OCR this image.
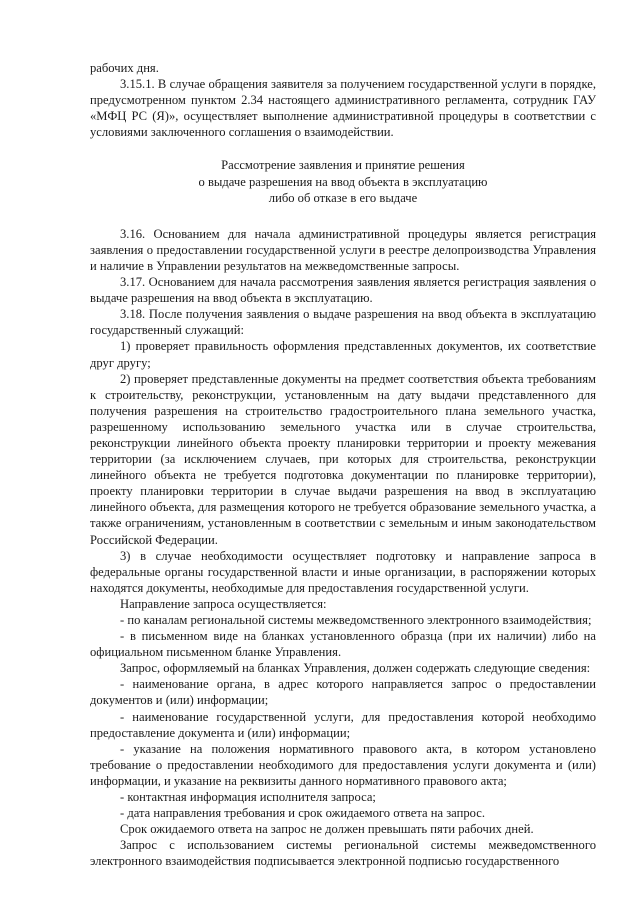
рабочих дня.

3.15.1. В случае обращения заявителя за получением государственной услуги в порядке, предусмотренном пунктом 2.34 настоящего административного регламента, сотрудник ГАУ «МФЦ РС (Я)», осуществляет выполнение административной процедуры в соответствии с условиями заключенного соглашения о взаимодействии.

Рассмотрение заявления и принятие решения
о выдаче разрешения на ввод объекта в эксплуатацию
либо об отказе в его выдаче

3.16. Основанием для начала административной процедуры является регистрация заявления о предоставлении государственной услуги в реестре делопроизводства Управления и наличие в Управлении результатов на межведомственные запросы.

3.17. Основанием для начала рассмотрения заявления является регистрация заявления о выдаче разрешения на ввод объекта в эксплуатацию.

3.18. После получения заявления о выдаче разрешения на ввод объекта в эксплуатацию государственный служащий:

1) проверяет правильность оформления представленных документов, их соответствие друг другу;

2) проверяет представленные документы на предмет соответствия объекта требованиям к строительству, реконструкции, установленным на дату выдачи представленного для получения разрешения на строительство градостроительного плана земельного участка, разрешенному использованию земельного участка или в случае строительства, реконструкции линейного объекта проекту планировки территории и проекту межевания территории (за исключением случаев, при которых для строительства, реконструкции линейного объекта не требуется подготовка документации по планировке территории), проекту планировки территории в случае выдачи разрешения на ввод в эксплуатацию линейного объекта, для размещения которого не требуется образование земельного участка, а также ограничениям, установленным в соответствии с земельным и иным законодательством Российской Федерации.

3) в случае необходимости осуществляет подготовку и направление запроса в федеральные органы государственной власти и иные организации, в распоряжении которых находятся документы, необходимые для предоставления государственной услуги.

Направление запроса осуществляется:

- по каналам региональной системы межведомственного электронного взаимодействия;

- в письменном виде на бланках установленного образца (при их наличии) либо на официальном письменном бланке Управления.

Запрос, оформляемый на бланках Управления, должен содержать следующие сведения:

- наименование органа, в адрес которого направляется запрос о предоставлении документов и (или) информации;

- наименование государственной услуги, для предоставления которой необходимо предоставление документа и (или) информации;

- указание на положения нормативного правового акта, в котором установлено требование о предоставлении необходимого для предоставления услуги документа и (или) информации, и указание на реквизиты данного нормативного правового акта;

- контактная информация исполнителя запроса;

- дата направления требования и срок ожидаемого ответа на запрос.

Срок ожидаемого ответа на запрос не должен превышать пяти рабочих дней.

Запрос с использованием системы региональной системы межведомственного электронного взаимодействия подписывается электронной подписью государственного
